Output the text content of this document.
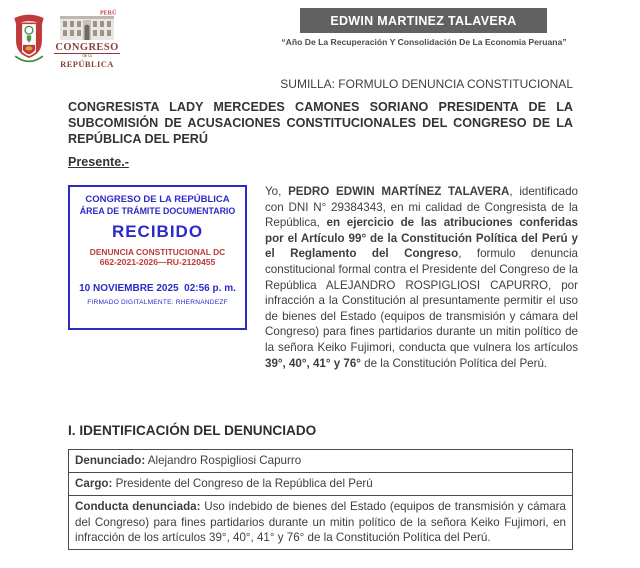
PERÚ
CONGRESO
de la
REPÚBLICA
EDWIN MARTINEZ TALAVERA
“Año De La Recuperación Y Consolidación De La Economia Peruana”
SUMILLA: FORMULO DENUNCIA CONSTITUCIONAL
CONGRESISTA LADY MERCEDES CAMONES SORIANO PRESIDENTA DE LA SUBCOMISIÓN DE ACUSACIONES CONSTITUCIONALES DEL CONGRESO DE LA REPÚBLICA DEL PERÚ
Presente.-
CONGRESO DE LA REPÚBLICA
ÁREA DE TRÁMITE DOCUMENTARIO
RECIBIDO
DENUNCIA CONSTITUCIONAL DC
662-2021-2026—RU-2120455
10 NOVIEMBRE 2025  02:56 p. m.
FIRMADO DIGITALMENTE: RHERNANDEZF
Yo, PEDRO EDWIN MARTÍNEZ TALAVERA, identificado con DNI N° 29384343, en mi calidad de Congresista de la República, en ejercicio de las atribuciones conferidas por el Artículo 99° de la Constitución Política del Perú y el Reglamento del Congreso, formulo denuncia constitucional formal contra el Presidente del Congreso de la República ALEJANDRO ROSPIGLIOSI CAPURRO, por infracción a la Constitución al presuntamente permitir el uso de bienes del Estado (equipos de transmisión y cámara del Congreso) para fines partidarios durante un mitin político de la señora Keiko Fujimori, conducta que vulnera los artículos 39°, 40°, 41° y 76° de la Constitución Política del Perú.
I. IDENTIFICACIÓN DEL DENUNCIADO
Denunciado: Alejandro Rospigliosi Capurro
Cargo: Presidente del Congreso de la República del Perú
Conducta denunciada: Uso indebido de bienes del Estado (equipos de transmisión y cámara del Congreso) para fines partidarios durante un mitin político de la señora Keiko Fujimori, en infracción de los artículos 39°, 40°, 41° y 76° de la Constitución Política del Perú.
